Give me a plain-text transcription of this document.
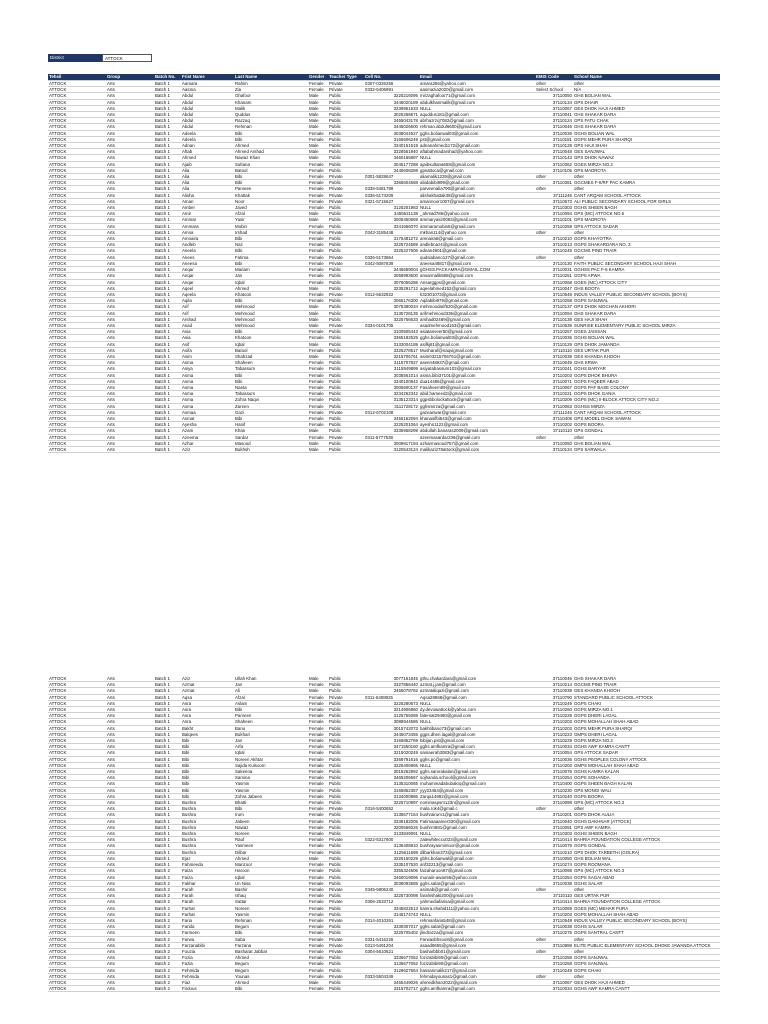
District	ATTOCK
Tehsil	Group	Batch No.	Frist Name	Last Name	Gender	Teacher Type	Cell No.	Email	EMIS Code	School Name
ATTOCK	Arts	Batch 1	Aamara	Rahim	Female	Private	0307-0326256	amara256@yahoo.com	other	other
ATTOCK	Arts	Batch 1	Aasma	Zia	Female	Private	0332-5406991	aasmazia2020@gmail.com	Select School	N/A
ATTOCK	Arts	Batch 1	Abdul	Ghafoor	Male	Public	3225216095	mirzaghafoor71@gmail.com	37110050	GHS BOLIAN WAL
ATTOCK	Arts	Batch 1	Abdul	Khanam	Male	Public	3445020189	abdulkhanmalik@gmail.com	37110134	GPS DHAIR
ATTOCK	Arts	Batch 1	Abdul	Malik	Male	Public	3239951633	NULL	37110067	GES DHOK HAJI AHMED
ATTOCK	Arts	Batch 1	Abdul	Quddus	Male	Public	3025268671	aquddus181@gmail.com	37110041	GHS SHAKAR DARA
ATTOCK	Arts	Batch 1	Abdul	Razzaq	Male	Public	3455043178	abrhazrzq7082@gmail.com	37110124	GPS FATU CHAK
ATTOCK	Arts	Batch 1	Abdul	Rehman	Male	Public	3445026600	rehman.abdul6600@gmail.com	37110046	GHS SHAKAR DARA
ATTOCK	Arts	Batch 1	Adeela	Bibi	Female	Public	3038044527	gghs.bolianwal03@gmail.com	37110036	GGHS BOLIAN WAL
ATTOCK	Arts	Batch 1	Adeela	Bibi	Female	Public	3165606249	pst@gmail.com	37110181	GGPS MEHR PURA SHARQI
ATTOCK	Arts	Batch 1	Adnan	Ahmed	Male	Public	3340151519	adnanahmed1172@gmail.com	37110128	GPS HAJI SHAH
ATTOCK	Arts	Batch 1	Aftab	Ahmed Arshad	Male	Public	3328551940	aftabahmadarshad@yahoo.com	37110048	GES SANJWAL
ATTOCK	Arts	Batch 1	Ahmed	Nawaz Khan	Male	Public	3460165897	NULL	37110143	GPS DHOK NAWAZ
ATTOCK	Arts	Batch 1	Ajaib	Sultana	Female	Public	3045177288	ajaibsultana658@gmail.com	37110362	GGES MIRZA NO.2
ATTOCK	Arts	Batch 1	Alia	Batool	Female	Public	3445608288	gpsattoca@gmail.com	37110105	GPS MADROTA
ATTOCK	Arts	Batch 1	Alia	Bibi	Female	Private	0301-5828647	aliamalik1229@gmail.com	other	other
ATTOCK	Arts	Batch 1	Alia	Bibi	Female	Public	3365604588	abidabibi999@gmail.com	37110361	GGCMES F-II/RF PAC KAMRA
ATTOCK	Arts	Batch 1	Alia	Parveen	Female	Private	0335-5481789	parveenalia790@gmail.com	other	other
ATTOCK	Arts	Batch 1	Alisha	Khattak	Female	Private	0336-5173209	alishakhattak38@gmail.com	37111246	CANT ARQAM SCHOOL ATTOCK
ATTOCK	Arts	Batch 1	Aman	Noor	Female	Private	0321-5715627	amannoor1007@gmail.com	37110673	ALI PUBLIC SECONDARY SCHOOL FOR GIRLS
ATTOCK	Arts	Batch 1	Amber	Javed	Female	Public	3125201983	NULL	37110303	GGHS SHEEN BAGH
ATTOCK	Arts	Batch 1	Amir	Afzal	Male	Public	3455621138	_ahmad786@yahoo.com	37110094	GPS (MC) ATTOCK NO.6
ATTOCK	Arts	Batch 1	Ammar	Yasir	Male	Public	3005450669	ammaryasir0083@gmail.com	37110101	GPS MADROTA
ATTOCK	Arts	Batch 1	Ammara	Mobin	Female	Public	3341666070	ammaramobin5@gmail.com	37110259	GPS ATTOCK SADAR
ATTOCK	Arts	Batch 1	Amna	Irshad	Female	Private	0343-3185448	mkhan114@yahoo.com	other	other
ATTOCK	Arts	Batch 1	Amnaira	Bibi	Female	Public	3175481272	amnaira6@gmail.com	37110210	GGPS KHAYOTRA
ATTOCK	Arts	Batch 1	Andleb	Naz	Female	Public	3225724589	andlebnaz4@gmail.com	37110213	GGPS SHAKARDARA NO. 2
ATTOCK	Arts	Batch 1	Aneela	Bibi	Female	Public	3325227606	adnan4901@gmail.com	37110245	GGCMS PIND TRAIR
ATTOCK	Arts	Batch 1	Anees	Fatima	Female	Private	0336-5173864	qudsiabano127@gmail.com	other	other
ATTOCK	Arts	Batch 1	Aneesa	Bibi	Female	Private	0342-5087839	aneesa48817@gmail.com	37110130	FAITH PUBLIC SECONDARY SCHOOL HAJI SHAH
ATTOCK	Arts	Batch 1	Anqar	Mariam	Female	Public	3445659004	gGHSS.PACKAMRA@GMAIL.COM	37110031	GGHSS PAC F-6 KAMRA
ATTOCK	Arts	Batch 1	Anqar	Jan	Female	Public	3058993600	ansarmalik588@gmail.com	37110251	GGPS APWA
ATTOCK	Arts	Batch 1	Anqar	Iqbal	Female	Public	3076056288	Ansarggps@gmail.com	37110068	GGES (MC) ATTOCK CITY
ATTOCK	Arts	Batch 1	Aqeel	Ahmed	Male	Public	3235291712	aqeelahmed152@gmail.com	37110047	GHS BOOTA
ATTOCK	Arts	Batch 1	Aqeela	Khatoon	Female	Private	0312-5632822	k32301073@gmail.com	37110548	INDUS VALLEY PUBLIC SECONDARY SCHOOL (BOYS)
ATTOCK	Arts	Batch 1	Aqila	Bibi	Female	Public	3065176300	Aqilabibi979@gmail.com	37110258	GGPS SANJWAL
ATTOCK	Arts	Batch 1	Arif	Mehmood	Male	Public	3075380034	mehmoodarif520@gmail.com	37110137	GPS DHOK MOCHAN AKHORI
ATTOCK	Arts	Batch 1	Arif	Mehmood	Male	Public	3135728135	arifmehmood335@gmail.com	37110094	GHS SHAKAR DARA
ATTOCK	Arts	Batch 1	Arshad	Mehmood	Male	Public	3225756633	arshad02489@gmail.com	37110138	GES HAJI SHAH
ATTOCK	Arts	Batch 1	Asad	Mehmood	Male	Private	0334-0101705	asadmehmood163@gmail.com	37110639	SUNRISE ELEMENTARY PUBLIC SCHOOL MIRZA
ATTOCK	Arts	Batch 1	Asia	Bibi	Female	Public	3100505443	asiatanveer50@gmail.com	37110257	GGES JAISSAN
ATTOCK	Arts	Batch 1	Asia	Khatoon	Female	Public	3365182525	gghs.bolianwal03@gmail.com	37110036	GGHS BOLIAN WAL
ATTOCK	Arts	Batch 1	Asif	Iqbal	Male	Public	3133004189	asifkj81@gmail.com	37110129	GPS DHOK JAMANDA
ATTOCK	Arts	Batch 1	Asifa	Batool	Female	Public	3325278517	Musharaf@naqvigmail.com	37110110	GES URTAK PUR
ATTOCK	Arts	Batch 1	Asim	Shahzad	Male	Public	3215706761	asim03215706761@gmail.com	37110039	GES KHANDA KHOOH
ATTOCK	Arts	Batch 1	Asma	Shaheen	Female	Public	3115707827	aseen48637@gmail.com	37110049	GHS KRWA
ATTOCK	Arts	Batch 1	Asiya	Tabassum	Female	Public	3115949899	asiyatabassum103@gmail.com	37110241	GGHS BARYAR
ATTOCK	Arts	Batch 1	Asma	Bibi	Female	Public	3035561014	asma.bibi37101@gmail.com	37110203	GGPS DHOK BHURA
ATTOCK	Arts	Batch 1	Asma	Bibi	Female	Public	3340100942	dua14486@gmail.com	37110071	GGPS FAQEER ABAD
ATTOCK	Arts	Batch 1	Asma	Naeta	Female	Public	3005600137	Fasaheem09@gmail.com	37110067	GGPS PAF BASE COLONY
ATTOCK	Arts	Batch 1	Asma	Tabassum	Female	Public	3234262342	abid.hameed2@gmail.com	37110221	GGPS DHOK GANIA
ATTOCK	Arts	Batch 1	Asma	Zohra Naqvi	Female	Public	3135123314	ggpsbbolockattock@gmail.com	37110209	GGPS (MC) II-BLOCK ATTOCK CITY NO.2
ATTOCK	Arts	Batch 1	Asma	Zareen	Female	Public	3111728172	gghsmirza@gmail.com	37110063	GGHSS MIRZA
ATTOCK	Arts	Batch 1	Asmaa	Gazi	Female	Private	0312-6702108	gazeanwar@gmail.com	37111246	CANT ARQAM SCHOOL ATTOCK
ATTOCK	Arts	Batch 1	Asmat	Bibi	Female	Public	3455162094	khanasifbi543@gmail.com	37110408	GPS MODEL DHOK SAWAN
ATTOCK	Arts	Batch 1	Ayesha	Hanif	Female	Public	3225201064	ayeshn1122@gmail.com	37110202	GGPS BOORA
ATTOCK	Arts	Batch 1	Azam	Khan	Male	Public	3335958299	abdullah.banaras2009@gmail.com	37110110	GPS GONDAL
ATTOCK	Arts	Batch 1	Azeema	Sardar	Female	Private	0311-5777538	azeemasardar236@gmail.com	other	other
ATTOCK	Arts	Batch 1	Azhar	Masood	Male	Public	3009817194	azharmasood757@gmail.com	37110050	GHS BOLIAN WAL
ATTOCK	Arts	Batch 1	Aziz	Bukhsh	Male	Public	3120543124	malikaziz78attock@gmail.com	37110134	GPS SARWALA
ATTOCK	Arts	Batch 1	Aziz	Ullah Khan	Male	Public	3077161845	gthu.chakardara@gmail.com	37110046	GHS SHAKAR DARA
ATTOCK	Arts	Batch 1	Azmat	Jan	Female	Public	3327856440	azmat.j.jan@gmail.com	37110214	GGCMS PIND TRAIR
ATTOCK	Arts	Batch 1	Azmat	Ali	Male	Public	3455078782	azmataliqazi@gmail.com	37110039	GES KHANDA KHOOH
ATTOCK	Arts	Batch 1	Aqsa	Afzal	Female	Private	0311-5408925	Aqsa28968@gmail.com	37110790	STANDARD PUBLIC SCHOOL ATTOCK
ATTOCK	Arts	Batch 1	Asra	Aslam	Female	Public	3225280673	NULL	37110249	GGPS CHAKI
ATTOCK	Arts	Batch 1	Asra	Bibi	Female	Public	3214906860	dy.devowattock@yahoo.com	37110260	GGPS MIRZA NO.1
ATTOCK	Arts	Batch 1	Asra	Parveen	Female	Public	3125755088	fatemat29480@gmail.com	37110228	GGPS DHERI LAGAL
ATTOCK	Arts	Batch 1	Asra	Shaheen	Female	Public	3088944586	NULL	37110203	GGPS MOHALLAH SHAH ABAD
ATTOCK	Arts	Batch 1	Bakht	Bano	Female	Public	3015742073	bakhtibano73@gmail.com	37110203	GGPS MEHR PURA SHARQI
ATTOCK	Arts	Batch 1	Balqees	Bukhari	Female	Public	3445073455	ggps.dheri.lagal@gmail.com	37110223	GMPS DHERI LAGAL
ATTOCK	Arts	Batch 1	Bibi	Jan	Female	Public	3165852769	bibijan.pst@gmail.com	37110229	GGPS MIRZA NO.2
ATTOCK	Arts	Batch 1	Bibi	Arfa	Female	Public	3471550160	gghs.amfkamra@gmail.com	37110034	GGHS AWF KAMRA CANTT
ATTOCK	Arts	Batch 1	Bibi	Iqbal	Female	Public	3215020249	samaerah3083@gmail.com	37110054	GPS ATTOCK SADAR
ATTOCK	Arts	Batch 1	Bibi	Noreen Akhtar	Female	Public	3369791616	gghs.pc@gmail.com	37110036	GGHS PEOPLES COLONY ATTOCK
ATTOCK	Arts	Batch 1	Bibi	Sajida Kulsoom	Female	Public	3225406955	NULL	37110203	GMPS MOHALLAH SHAH ABAD
ATTOCK	Arts	Batch 1	Bibi	Sakeena	Female	Public	3015262992	gghs.samrakalan@gmail.com	37110076	GGHS KAMRA KALAN
ATTOCK	Arts	Batch 1	Bibi	Samina	Female	Public	3465206667	sojhanda.school@gmail.com	37110254	GGPS SOHANDA
ATTOCK	Arts	Batch 1	Bibi	Yasmin	Female	Public	3135310065	muhammadabubakrq@gmail.com	37110400	GGPS SHEEN BAGH KALAN
ATTOCK	Arts	Batch 1	Bibi	Yasmin	Female	Public	3165852357	yyy23454@gmail.com	37110230	GPS MONGI WALI
ATTOCK	Arts	Batch 1	Bibi	Zohra Jabeen	Female	Public	3134000886	Zarqa14882@gmail.com	37110240	GGPS BOORA
ATTOCK	Arts	Batch 1	Bushra	Bhatti	Female	Public	3225710997	nominaspsm123n@gmail.com	37110098	GPS (MC) ATTOCK NO.3
ATTOCK	Arts	Batch 1	Bushra	Bibi	Female	Private	0316-5400652	mala.rok4@gmail.c	other	other
ATTOCK	Arts	Batch 1	Bushra	Irum	Female	Public	3135677164	bushrairum1@gmail.com	37110201	GGPS DHOK AULIA
ATTOCK	Arts	Batch 1	Bushra	Jabeen	Female	Public	3339182005	Fatimaaaamer330@gmail.com	37110040	GGHS DAKHNAR (ATTOCK)
ATTOCK	Arts	Batch 1	Bushra	Nawaz	Female	Public	3200566026	bushrrn881@gmail.com	37110091	GPS AWF KAMRA
ATTOCK	Arts	Batch 1	Bushra	Noreen	Female	Public	3133849091	NULL	37110303	GGHS SHEEN BAGH
ATTOCK	Arts	Batch 1	Bushra	Rauf	Female	Private	0322-5317600	zatewhiteccu023@gmail.com	37110414	BAHRIA FOUNDATION COLLEGE ATTOCK
ATTOCK	Arts	Batch 1	Bushra	Yasmeen	Female	Public	3136408810	bushrayasmintoor@gmail.com	37110079	GGPS GONDAL
ATTOCK	Arts	Batch 1	Bushra	Dilbar	Female	Public	3125611698	dilbarkhan373@gmail.com	37110210	GPS DHOK TARBETHI (GOLRA)
ATTOCK	Arts	Batch 1	Ejaz	Ahmed	Male	Public	3225150229	gbhs.bolianwal@gmail.com	37110050	GHS BOLIAN WAL
ATTOCK	Arts	Batch 1	Fahmeeda	Manzoor	Female	Public	3335107520	anf32213@gmail.com	37110274	GGPS ROOMANA
ATTOCK	Arts	Batch 2	Faiza	Haroon	Female	Public	3355324606	faizaharoon87@gmail.com	37110098	GPS (MC) ATTOCK NO.3
ATTOCK	Arts	Batch 2	Faiza	Iqbal	Female	Public	3460019096	munaiir-awan55@yahoo.com	37110254	GGPS SAGAI ABAD
ATTOCK	Arts	Batch 2	Fakhar	Un Nisa	Female	Public	3038093585	gghs.salar@gmail.com	37110038	GGHS SALAR
ATTOCK	Arts	Batch 2	Farah	Bashir	Female	Private	0345-5806240	asimab@gmail.com	other	other
ATTOCK	Arts	Batch 2	Farah	Ishaq	Female	Public	3225730098	farahishaki200@gmail.com	37110110	GES URTAK PUR
ATTOCK	Arts	Batch 2	Farah	Sattar	Female	Private	0306-2533712	yahmediafarisa@gmail.com	37110414	BAHRIA FOUNDATION COLLEGE ATTOCK
ATTOCK	Arts	Batch 2	Farhat	Noreen	Female	Public	3345822513	kamra.shahid111@yahoo.com	37110069	GGES (MC) MEHAR PURA
ATTOCK	Arts	Batch 2	Farhat	Yasmin	Female	Public	3145174743	NULL	37110203	GGPS MOHALLAH SHAH ABAD
ATTOCK	Arts	Batch 2	Faria	Rehman	Female	Private	0314-4010261	rehmanfaria548@gmail.com	37110548	INDUS VALLEY PUBLIC SECONDARY SCHOOL (BOYS)
ATTOCK	Arts	Batch 2	Farida	Begum	Female	Public	3339307017	gghs.salar@gmail.com	37110038	GGHS SALAR
ATTOCK	Arts	Batch 2	Farmeen	Bibi	Female	Public	3225705402	jlindrazza@gmail.com	37110275	GGPS SANTRAL CANTT
ATTOCK	Arts	Batch 2	Farwa	Saba	Female	Private	0331-5416226	Farwasbhsoo8@gmail.com	other	other
ATTOCK	Arts	Batch 2	Farzanabibi	Farzana	Female	Private	0313-5491204	asaad8655@gmail.com	37110888	ELITE PUBLIC ELEMENTARY SCHOOL DHOKE JAWANDA ATTOCK
ATTOCK	Arts	Batch 2	Fouzia	Basharat Jabbar	Female	Private	0304-5610621	basharbbb01@gmail.com	other	other
ATTOCK	Arts	Batch 2	Fozia	Ahmed	Female	Public	3335677062	fozizabibi90@gmail.com	37110258	GGPS SANJWAL
ATTOCK	Arts	Batch 2	Fazia	Begum	Female	Public	3135677062	fozizabibi90@gmail.com	37110258	GGPS SANJWAL
ATTOCK	Arts	Batch 2	Fehmida	Begum	Female	Public	3129627564	hassanmalik217@gmail.com	37110249	GGPS CHAKI
ATTOCK	Arts	Batch 2	Fehmida	Younas	Female	Private	0333-5504349	fehmidayounas1@gmail.com	other	other
ATTOCK	Arts	Batch 2	Fiaz	Ahmed	Male	Public	3455449026	ahmedkhan2022@gmail.com	37110067	GES DHOK HAJI AHMED
ATTOCK	Arts	Batch 2	Firdous	Bibi	Female	Public	3315702717	gghs.amfkamra@gmail.com	37110034	GGHS AWF KAMRA CANTT
